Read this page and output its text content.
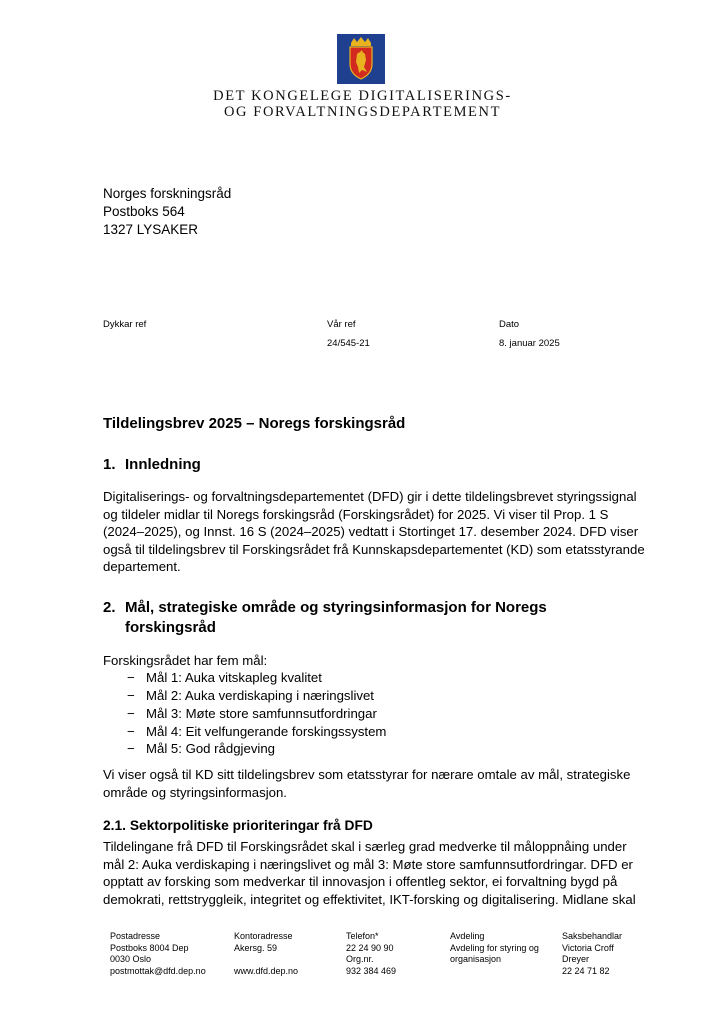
DET KONGELEGE DIGITALISERINGS-
OG FORVALTNINGSDEPARTEMENT
Norges forskningsråd
Postboks 564
1327 LYSAKER
Dykkar ref	Vår ref
24/545-21
Dato
8. januar 2025
Tildelingsbrev 2025 – Noregs forskingsråd
1. Innledning
Digitaliserings- og forvaltningsdepartementet (DFD) gir i dette tildelingsbrevet styringssignal
og tildeler midlar til Noregs forskingsråd (Forskingsrådet) for 2025. Vi viser til Prop. 1 S
(2024–2025), og Innst. 16 S (2024–2025) vedtatt i Stortinget 17. desember 2024. DFD viser
også til tildelingsbrev til Forskingsrådet frå Kunnskapsdepartementet (KD) som etatsstyrande
departement.
2. Mål, strategiske område og styringsinformasjon for Noregs
forskingsråd
Forskingsrådet har fem mål:
− Mål 1: Auka vitskapleg kvalitet
− Mål 2: Auka verdiskaping i næringslivet
− Mål 3: Møte store samfunnsutfordringar
− Mål 4: Eit velfungerande forskingssystem
− Mål 5: God rådgjeving
Vi viser også til KD sitt tildelingsbrev som etatsstyrar for nærare omtale av mål, strategiske
område og styringsinformasjon.
2.1. Sektorpolitiske prioriteringar frå DFD
Tildelingane frå DFD til Forskingsrådet skal i særleg grad medverke til måloppnåing under
mål 2: Auka verdiskaping i næringslivet og mål 3: Møte store samfunnsutfordringar. DFD er
opptatt av forsking som medverkar til innovasjon i offentleg sektor, ei forvaltning bygd på
demokrati, rettstryggleik, integritet og effektivitet, IKT-forsking og digitalisering. Midlane skal
Postadresse
Postboks 8004 Dep
0030 Oslo
postmottak@dfd.dep.no
Kontoradresse
Akersg. 59

www.dfd.dep.no
Telefon*
22 24 90 90
Org.nr.
932 384 469
Avdeling
Avdeling for styring og
organisasjon

Saksbehandlar
Victoria Croff
Dreyer
22 24 71 82
